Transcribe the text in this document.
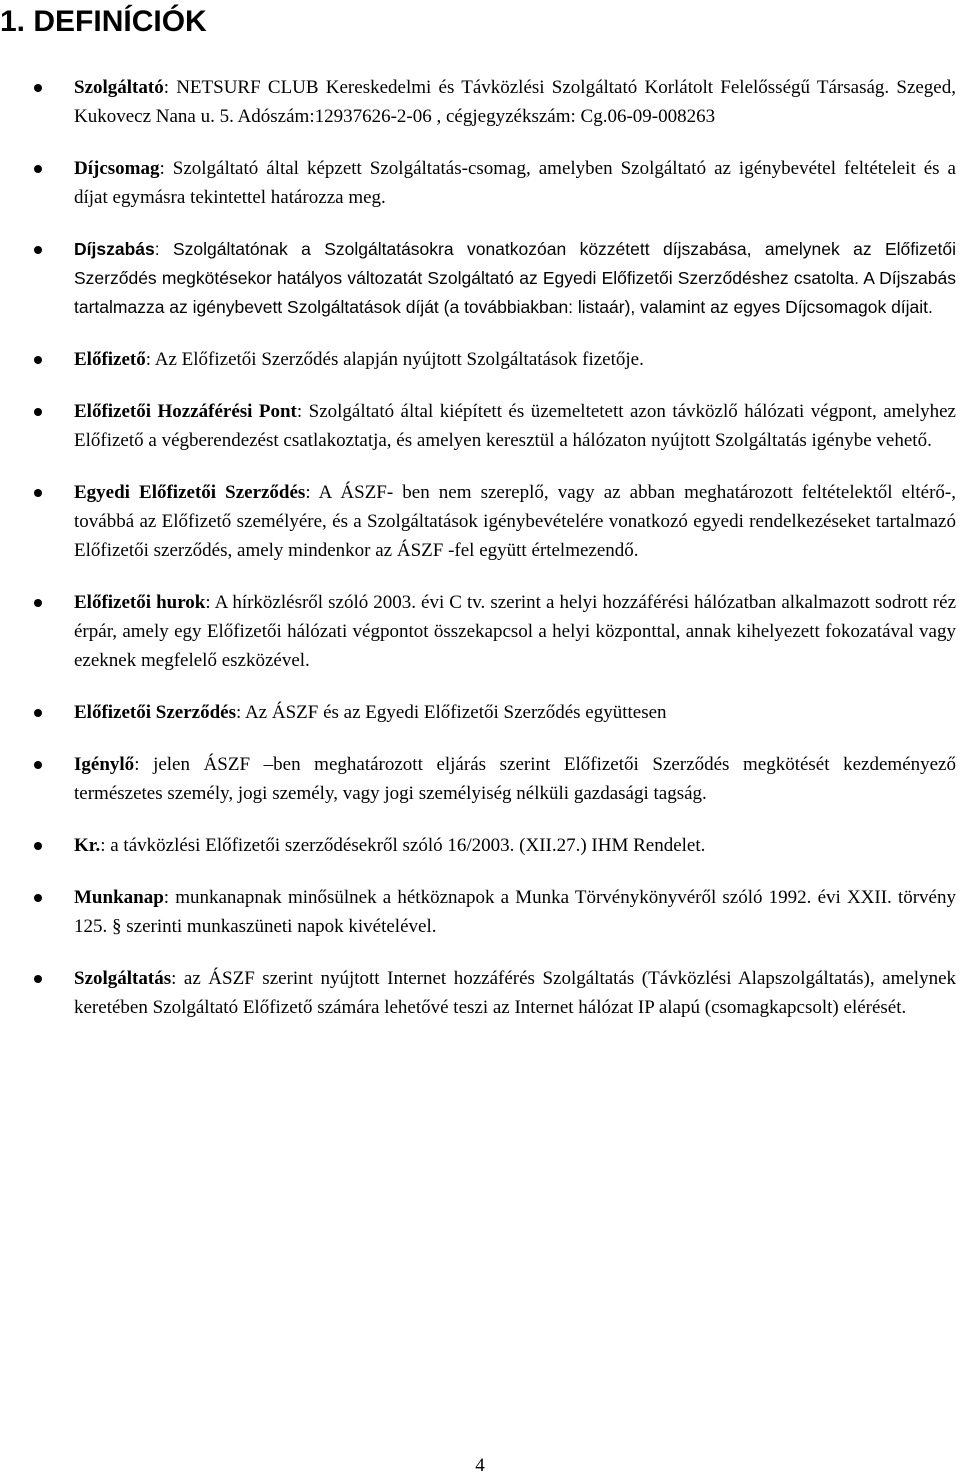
1. DEFINÍCIÓK
Szolgáltató: NETSURF CLUB Kereskedelmi és Távközlési Szolgáltató Korlátolt Felelősségű Társaság. Szeged, Kukovecz Nana u. 5. Adószám:12937626-2-06 , cégjegyzékszám: Cg.06-09-008263
Díjcsomag: Szolgáltató által képzett Szolgáltatás-csomag, amelyben Szolgáltató az igénybevétel feltételeit és a díjat egymásra tekintettel határozza meg.
Díjszabás: Szolgáltatónak a Szolgáltatásokra vonatkozóan közzétett díjszabása, amelynek az Előfizetői Szerződés megkötésekor hatályos változatát Szolgáltató az Egyedi Előfizetői Szerződéshez csatolta. A Díjszabás tartalmazza az igénybevett Szolgáltatások díját (a továbbiakban: listaár), valamint az egyes Díjcsomagok díjait.
Előfizető: Az Előfizetői Szerződés alapján nyújtott Szolgáltatások fizetője.
Előfizetői Hozzáférési Pont: Szolgáltató által kiépített és üzemeltetett azon távközlő hálózati végpont, amelyhez Előfizető a végberendezést csatlakoztatja, és amelyen keresztül a hálózaton nyújtott Szolgáltatás igénybe vehető.
Egyedi Előfizetői Szerződés: A ÁSZF- ben nem szereplő, vagy az abban meghatározott feltételektől eltérő-, továbbá az Előfizető személyére, és a Szolgáltatások igénybevételére vonatkozó egyedi rendelkezéseket tartalmazó Előfizetői szerződés, amely mindenkor az ÁSZF -fel együtt értelmezendő.
Előfizetői hurok: A hírközlésről szóló 2003. évi C tv. szerint a helyi hozzáférési hálózatban alkalmazott sodrott réz érpár, amely egy Előfizetői hálózati végpontot összekapcsol a helyi központtal, annak kihelyezett fokozatával vagy ezeknek megfelelő eszközével.
Előfizetői Szerződés: Az ÁSZF és az Egyedi Előfizetői Szerződés együttesen
Igénylő: jelen ÁSZF –ben meghatározott eljárás szerint Előfizetői Szerződés megkötését kezdeményező természetes személy, jogi személy, vagy jogi személyiség nélküli gazdasági tagság.
Kr.: a távközlési Előfizetői szerződésekről szóló 16/2003. (XII.27.) IHM Rendelet.
Munkanap: munkanapnak minősülnek a hétköznapok a Munka Törvénykönyvéről szóló 1992. évi XXII. törvény 125. § szerinti munkaszüneti napok kivételével.
Szolgáltatás: az ÁSZF szerint nyújtott Internet hozzáférés Szolgáltatás (Távközlési Alapszolgáltatás), amelynek keretében Szolgáltató Előfizető számára lehetővé teszi az Internet hálózat IP alapú (csomagkapcsolt) elérését.
4
